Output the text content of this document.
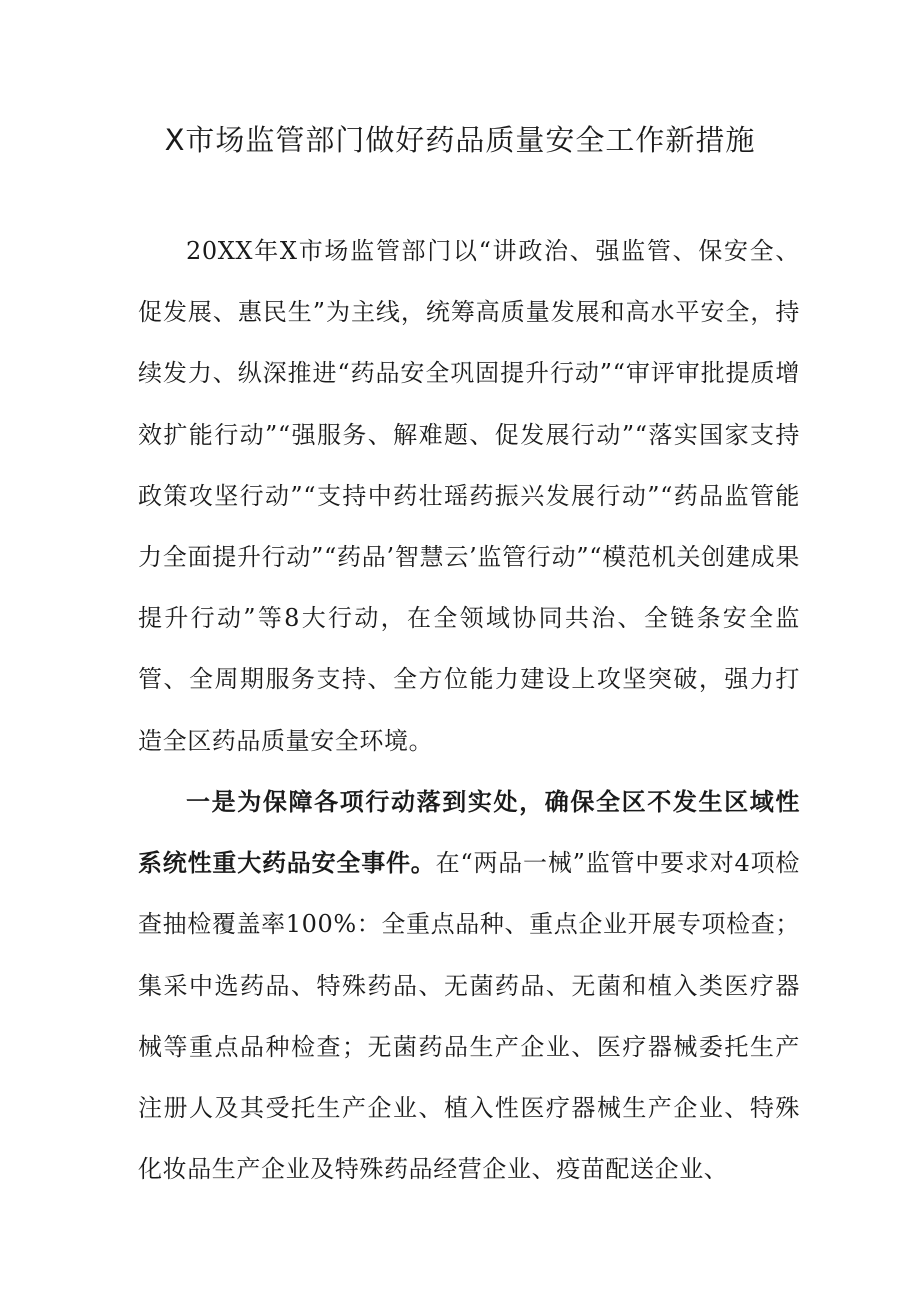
X市场监管部门做好药品质量安全工作新措施

20XX年X市场监管部门以“讲政治、强监管、保安全、促发展、惠民生”为主线，统筹高质量发展和高水平安全，持续发力、纵深推进“药品安全巩固提升行动”“审评审批提质增效扩能行动”“强服务、解难题、促发展行动”“落实国家支持政策攻坚行动”“支持中药壮瑶药振兴发展行动”“药品监管能力全面提升行动”“药品’智慧云’监管行动”“模范机关创建成果提升行动”等8大行动，在全领域协同共治、全链条安全监管、全周期服务支持、全方位能力建设上攻坚突破，强力打造全区药品质量安全环境。

一是为保障各项行动落到实处，确保全区不发生区域性系统性重大药品安全事件。在“两品一械”监管中要求对4项检查抽检覆盖率100%：全重点品种、重点企业开展专项检查；集采中选药品、特殊药品、无菌药品、无菌和植入类医疗器械等重点品种检查；无菌药品生产企业、医疗器械委托生产注册人及其受托生产企业、植入性医疗器械生产企业、特殊化妆品生产企业及特殊药品经营企业、疫苗配送企业、
